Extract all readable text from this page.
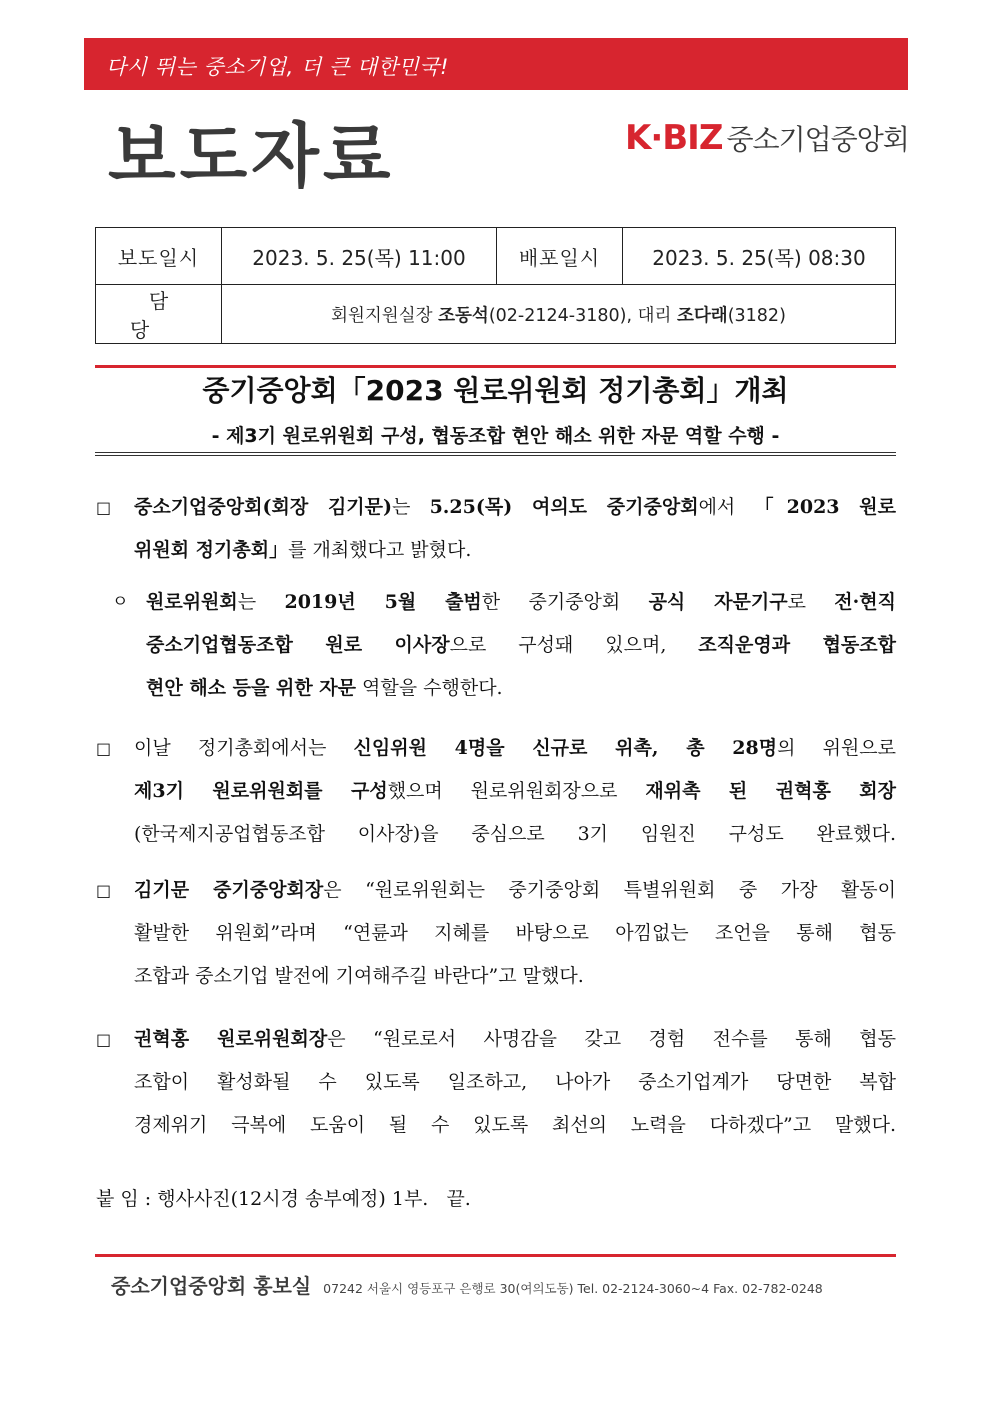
다시 뛰는 중소기업, 더 큰 대한민국!
보도자료	K·BIZ 중소기업중앙회
보도일시	2023. 5. 25(목) 11:00	배포일시	2023. 5. 25(목) 08:30
담 당	회원지원실장 조동석(02-2124-3180), 대리 조다래(3182)		
중기중앙회「2023 원로위원회 정기총회」개최
- 제3기 원로위원회 구성, 협동조합 현안 해소 위한 자문 역할 수행 -
□ 중소기업중앙회(회장 김기문)는 5.25(목) 여의도 중기중앙회에서 「2023 원로
위원회 정기총회」를 개최했다고 밝혔다.
ㅇ 원로위원회는 2019년 5월 출범한 중기중앙회 공식 자문기구로 전·현직
중소기업협동조합 원로 이사장으로 구성돼 있으며, 조직운영과 협동조합
현안 해소 등을 위한 자문 역할을 수행한다.
□ 이날 정기총회에서는 신임위원 4명을 신규로 위촉, 총 28명의 위원으로
제3기 원로위원회를 구성했으며 원로위원회장으로 재위촉 된 권혁홍 회장
(한국제지공업협동조합 이사장)을 중심으로 3기 임원진 구성도 완료했다.
□ 김기문 중기중앙회장은 “원로위원회는 중기중앙회 특별위원회 중 가장 활동이
활발한 위원회”라며 “연륜과 지혜를 바탕으로 아낌없는 조언을 통해 협동
조합과 중소기업 발전에 기여해주길 바란다”고 말했다.
□ 권혁홍 원로위원회장은 “원로로서 사명감을 갖고 경험 전수를 통해 협동
조합이 활성화될 수 있도록 일조하고, 나아가 중소기업계가 당면한 복합
경제위기 극복에 도움이 될 수 있도록 최선의 노력을 다하겠다”고 말했다.
붙 임 : 행사사진(12시경 송부예정) 1부.   끝.
중소기업중앙회 홍보실 07242 서울시 영등포구 은행로 30(여의도동) Tel. 02-2124-3060~4 Fax. 02-782-0248
